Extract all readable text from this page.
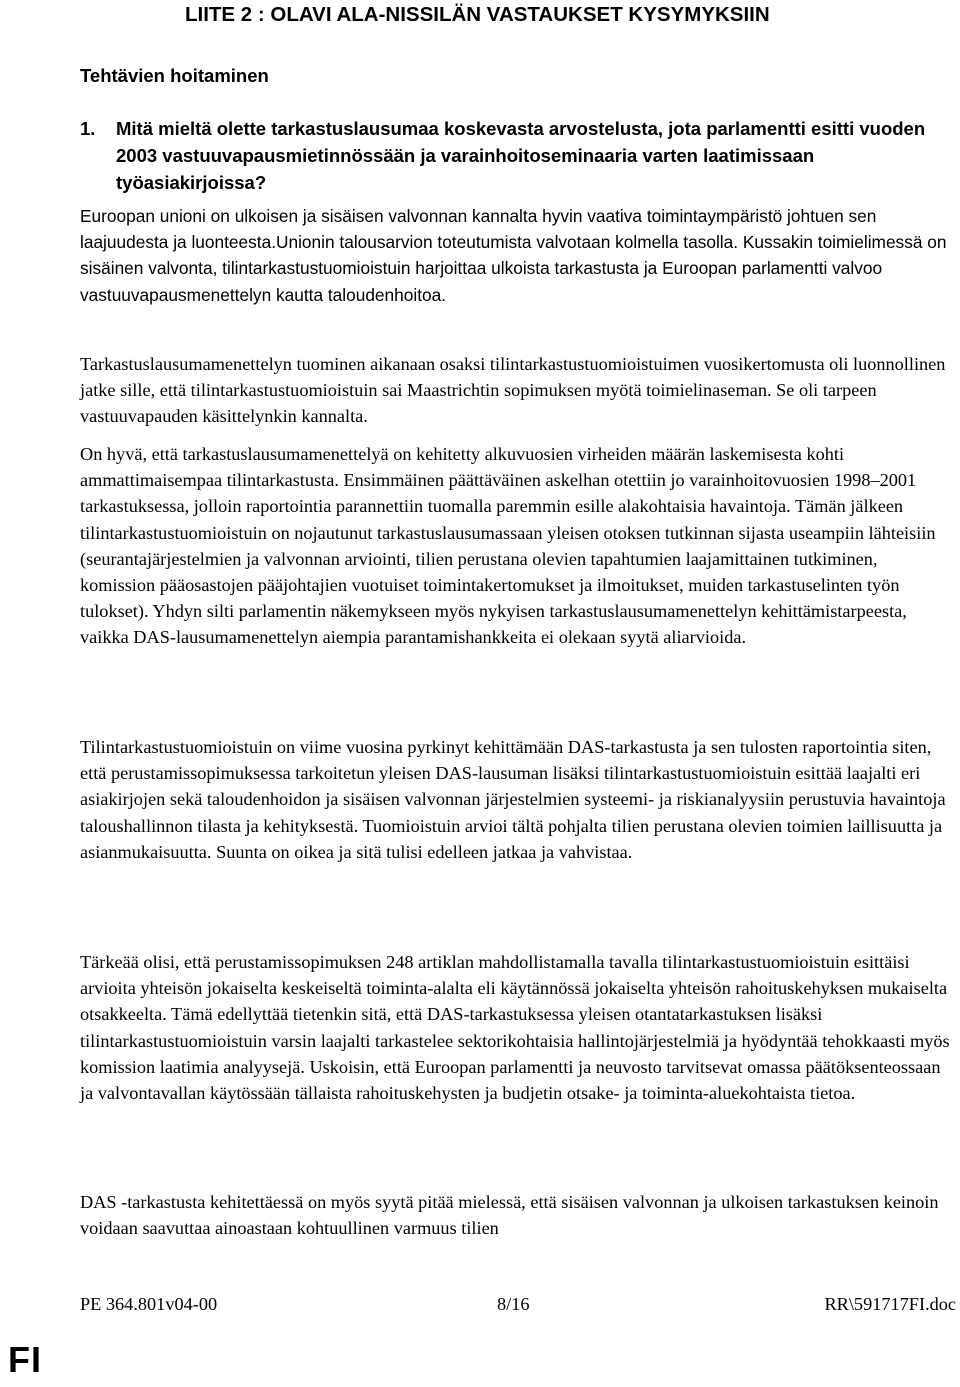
LIITE 2 : OLAVI ALA-NISSILÄN VASTAUKSET KYSYMYKSIIN
Tehtävien hoitaminen
1.	Mitä mieltä olette tarkastuslausumaa koskevasta arvostelusta, jota parlamentti esitti vuoden 2003 vastuuvapausmietinnössään ja varainhoitoseminaaria varten laatimissaan työasiakirjoissa?

Euroopan unioni on ulkoisen ja sisäisen valvonnan kannalta hyvin vaativa toimintaympäristö johtuen sen laajuudesta ja luonteesta.Unionin talousarvion toteutumista valvotaan kolmella tasolla. Kussakin toimielimessä on sisäinen valvonta, tilintarkastustuomioistuin harjoittaa ulkoista tarkastusta ja Euroopan parlamentti valvoo vastuuvapausmenettelyn kautta taloudenhoitoa.

Tarkastuslausumamenettelyn tuominen aikanaan osaksi tilintarkastustuomioistuimen vuosikertomusta oli luonnollinen jatke sille, että tilintarkastustuomioistuin sai Maastrichtin sopimuksen myötä toimielinaseman. Se oli tarpeen vastuuvapauden käsittelynkin kannalta.

On hyvä, että tarkastuslausumamenettelyä on kehitetty alkuvuosien virheiden määrän laskemisesta kohti ammattimaisempaa tilintarkastusta. Ensimmäinen päättäväinen askelhan otettiin jo varainhoitovuosien 1998–2001 tarkastuksessa, jolloin raportointia parannettiin tuomalla paremmin esille alakohtaisia havaintoja. Tämän jälkeen tilintarkastustuomioistuin on nojautunut tarkastuslausumassaan yleisen otoksen tutkinnan sijasta useampiin lähteisiin (seurantajärjestelmien ja valvonnan arviointi, tilien perustana olevien tapahtumien laajamittainen tutkiminen, komission pääosastojen pääjohtajien vuotuiset toimintakertomukset ja ilmoitukset, muiden tarkastuselinten työn tulokset). Yhdyn silti parlamentin näkemykseen myös nykyisen tarkastuslausumamenettelyn kehittämistarpeesta, vaikka DAS-lausumamenettelyn aiempia parantamishankkeita ei olekaan syytä aliarvioida.

Tilintarkastustuomioistuin on viime vuosina pyrkinyt kehittämään DAS-tarkastusta ja sen tulosten raportointia siten, että perustamissopimuksessa tarkoitetun yleisen DAS-lausuman lisäksi tilintarkastustuomioistuin esittää laajalti eri asiakirjojen sekä taloudenhoidon ja sisäisen valvonnan järjestelmien systeemi- ja riskianalyysiin perustuvia havaintoja taloushallinnon tilasta ja kehityksestä. Tuomioistuin arvioi tältä pohjalta tilien perustana olevien toimien laillisuutta ja asianmukaisuutta. Suunta on oikea ja sitä tulisi edelleen jatkaa ja vahvistaa.

Tärkeää olisi, että perustamissopimuksen 248 artiklan mahdollistamalla tavalla tilintarkastustuomioistuin esittäisi arvioita yhteisön jokaiselta keskeiseltä toiminta-alalta eli käytännössä jokaiselta yhteisön rahoituskehyksen mukaiselta otsakkeelta. Tämä edellyttää tietenkin sitä, että DAS-tarkastuksessa yleisen otantatarkastuksen lisäksi tilintarkastustuomioistuin varsin laajalti tarkastelee sektorikohtaisia hallintojärjestelmiä ja hyödyntää tehokkaasti myös komission laatimia analyysejä. Uskoisin, että Euroopan parlamentti ja neuvosto tarvitsevat omassa päätöksenteossaan ja valvontavallan käytössään tällaista rahoituskehysten ja budjetin otsake- ja toiminta-aluekohtaista tietoa.

DAS -tarkastusta kehitettäessä on myös syytä pitää mielessä, että sisäisen valvonnan ja ulkoisen tarkastuksen keinoin voidaan saavuttaa ainoastaan kohtuullinen varmuus tilien

PE 364.801v04-00	8/16	RR\591717FI.doc
FI
